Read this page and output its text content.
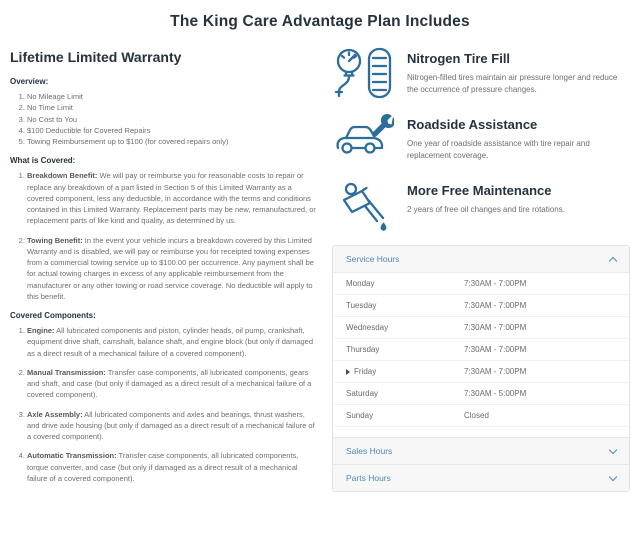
The King Care Advantage Plan Includes
Lifetime Limited Warranty
Overview:
1. No Mileage Limit
2. No Time Limit
3. No Cost to You
4. $100 Deductible for Covered Repairs
5. Towing Reimbursement up to $100 (for covered repairs only)
What is Covered:
1. Breakdown Benefit: We will pay or reimburse you for reasonable costs to repair or replace any breakdown of a part listed in Section 5 of this Limited Warranty as a covered component, less any deductible, in accordance with the terms and conditions contained in this Limited Warranty. Replacement parts may be new, remanufactured, or replacement parts of like kind and quality, as determined by us.
2. Towing Benefit: In the event your vehicle incurs a breakdown covered by this Limited Warranty and is disabled, we will pay or reimburse you for receipted towing expenses from a commercial towing service up to $100.00 per occurrence. Any payment shall be for actual towing charges in excess of any applicable reimbursement from the manufacturer or any other towing or road service coverage. No deductible will apply to this benefit.
Covered Components:
1. Engine: All lubricated components and piston, cylinder heads, oil pump, crankshaft, equipment drive shaft, camshaft, balance shaft, and engine block (but only if damaged as a direct result of a mechanical failure of a covered component).
2. Manual Transmission: Transfer case components, all lubricated components, gears and shaft, and case (but only if damaged as a direct result of a mechanical failure of a covered component).
3. Axle Assembly: All lubricated components and axles and bearings, thrust washers, and drive axle housing (but only if damaged as a direct result of a mechanical failure of a covered component).
4. Automatic Transmission: Transfer case components, all lubricated components, torque converter, and case (but only if damaged as a direct result of a mechanical failure of a covered component).
Nitrogen Tire Fill
Nitrogen-filled tires maintain air pressure longer and reduce the occurrence of pressure changes.
Roadside Assistance
One year of roadside assistance with tire repair and replacement coverage.
More Free Maintenance
2 years of free oil changes and tire rotations.
Service Hours
Monday	7:30AM - 7:00PM
Tuesday	7:30AM - 7:00PM
Wednesday	7:30AM - 7:00PM
Thursday	7:30AM - 7:00PM
Friday	7:30AM - 7:00PM
Saturday	7:30AM - 5:00PM
Sunday	Closed
Sales Hours
Parts Hours
